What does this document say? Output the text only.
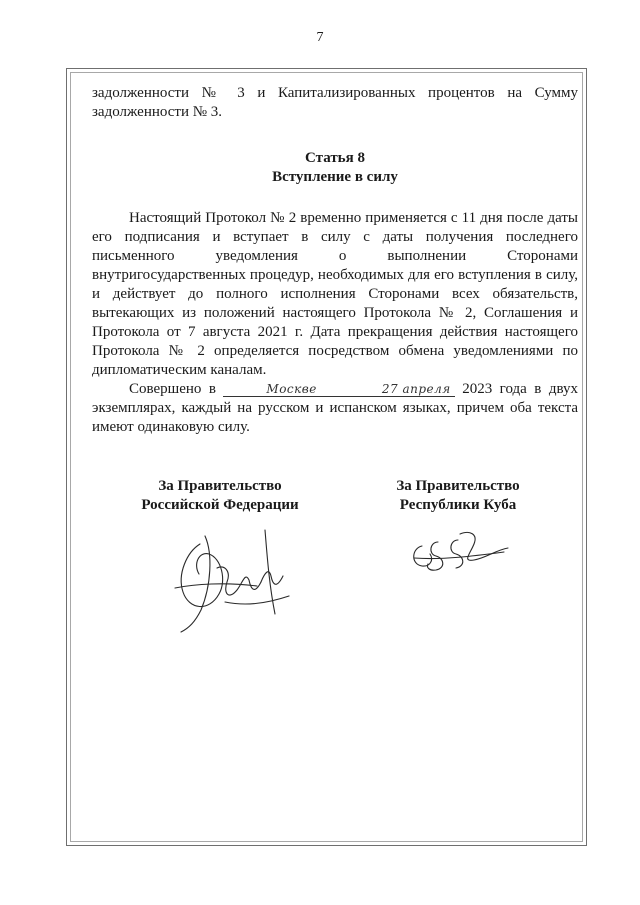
7

задолженности № 3 и Капитализированных процентов на Сумму задолженности № 3.

Статья 8
Вступление в силу

Настоящий Протокол № 2 временно применяется с 11 дня после даты его подписания и вступает в силу с даты получения последнего письменного уведомления о выполнении Сторонами внутригосударственных процедур, необходимых для его вступления в силу, и действует до полного исполнения Сторонами всех обязательств, вытекающих из положений настоящего Протокола № 2, Соглашения и Протокола от 7 августа 2021 г. Дата прекращения действия настоящего Протокола № 2 определяется посредством обмена уведомлениями по дипломатическим каналам.

Совершено в	Москве	27 апреля 2023 года в двух экземплярах, каждый на русском и испанском языках, причем оба текста имеют одинаковую силу.

За Правительство
Российской Федерации
За Правительство
Республики Куба
